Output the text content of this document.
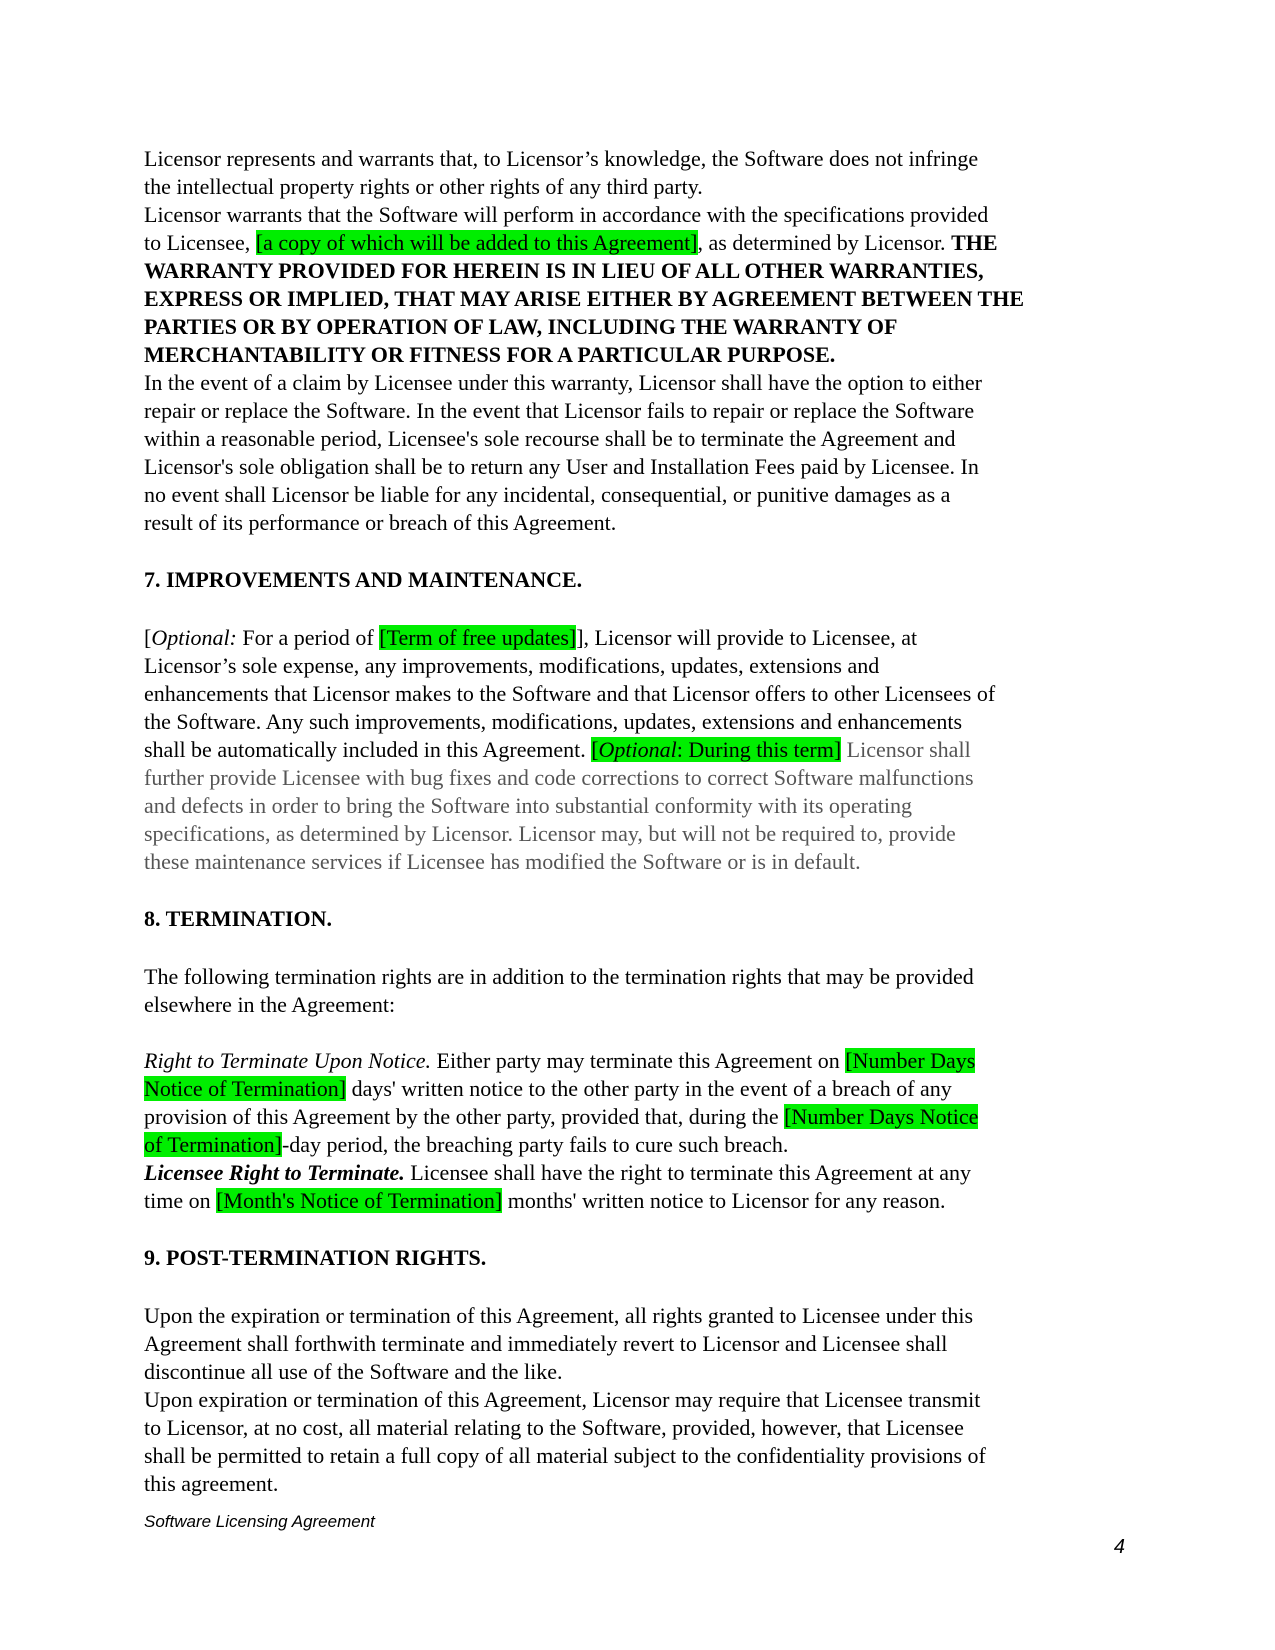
Licensor represents and warrants that, to Licensor’s knowledge, the Software does not infringe
the intellectual property rights or other rights of any third party.
Licensor warrants that the Software will perform in accordance with the specifications provided
to Licensee, [a copy of which will be added to this Agreement], as determined by Licensor. THE
WARRANTY PROVIDED FOR HEREIN IS IN LIEU OF ALL OTHER WARRANTIES,
EXPRESS OR IMPLIED, THAT MAY ARISE EITHER BY AGREEMENT BETWEEN THE
PARTIES OR BY OPERATION OF LAW, INCLUDING THE WARRANTY OF
MERCHANTABILITY OR FITNESS FOR A PARTICULAR PURPOSE.
In the event of a claim by Licensee under this warranty, Licensor shall have the option to either
repair or replace the Software. In the event that Licensor fails to repair or replace the Software
within a reasonable period, Licensee's sole recourse shall be to terminate the Agreement and
Licensor's sole obligation shall be to return any User and Installation Fees paid by Licensee. In
no event shall Licensor be liable for any incidental, consequential, or punitive damages as a
result of its performance or breach of this Agreement.
7. IMPROVEMENTS AND MAINTENANCE.
[Optional: For a period of [Term of free updates]], Licensor will provide to Licensee, at
Licensor’s sole expense, any improvements, modifications, updates, extensions and
enhancements that Licensor makes to the Software and that Licensor offers to other Licensees of
the Software. Any such improvements, modifications, updates, extensions and enhancements
shall be automatically included in this Agreement. [Optional: During this term] Licensor shall
further provide Licensee with bug fixes and code corrections to correct Software malfunctions
and defects in order to bring the Software into substantial conformity with its operating
specifications, as determined by Licensor. Licensor may, but will not be required to, provide
these maintenance services if Licensee has modified the Software or is in default.
8. TERMINATION.
The following termination rights are in addition to the termination rights that may be provided
elsewhere in the Agreement:
Right to Terminate Upon Notice. Either party may terminate this Agreement on [Number Days
Notice of Termination] days' written notice to the other party in the event of a breach of any
provision of this Agreement by the other party, provided that, during the [Number Days Notice
of Termination]-day period, the breaching party fails to cure such breach.
Licensee Right to Terminate. Licensee shall have the right to terminate this Agreement at any
time on [Month's Notice of Termination] months' written notice to Licensor for any reason.
9. POST-TERMINATION RIGHTS.
Upon the expiration or termination of this Agreement, all rights granted to Licensee under this
Agreement shall forthwith terminate and immediately revert to Licensor and Licensee shall
discontinue all use of the Software and the like.
Upon expiration or termination of this Agreement, Licensor may require that Licensee transmit
to Licensor, at no cost, all material relating to the Software, provided, however, that Licensee
shall be permitted to retain a full copy of all material subject to the confidentiality provisions of
this agreement.
Software Licensing Agreement
4
